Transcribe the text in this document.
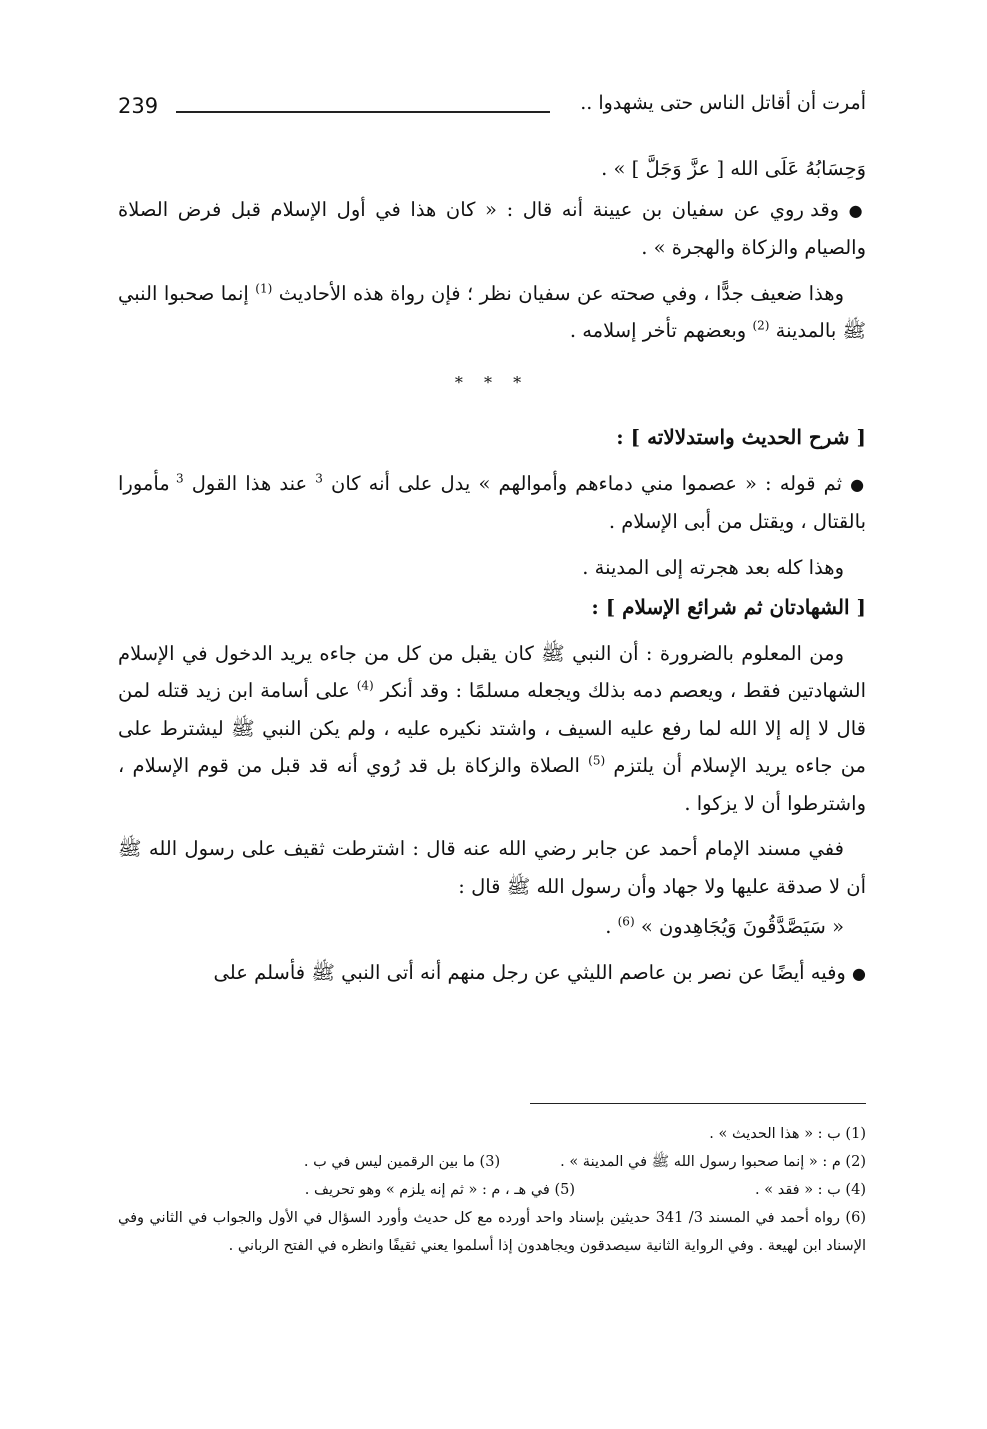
239	أمرت أن أقاتل الناس حتى يشهدوا ..

وَحِسَابُهُ عَلَى الله [ عزَّ وَجَلَّ ] » .

● وقد روي عن سفيان بن عيينة أنه قال : « كان هذا في أول الإسلام قبل فرض الصلاة والصيام والزكاة والهجرة » .

وهذا ضعيف جدًّا ، وفي صحته عن سفيان نظر ؛ فإن رواة هذه الأحاديث $^{(1)}$ إنما صحبوا النبي ﷺ بالمدينة $^{(2)}$ وبعضهم تأخر إسلامه .

* * *

[ شرح الحديث واستدلالاته ] :

● ثم قوله : « عصموا مني دماءهم وأموالهم » يدل على أنه كان $^3$ عند هذا القول $^3$ مأمورا بالقتال ، ويقتل من أبى الإسلام .

وهذا كله بعد هجرته إلى المدينة .

[ الشهادتان ثم شرائع الإسلام ] :

ومن المعلوم بالضرورة : أن النبي ﷺ كان يقبل من كل من جاءه يريد الدخول في الإسلام الشهادتين فقط ، ويعصم دمه بذلك ويجعله مسلمًا : وقد أنكر $^{(4)}$ على أسامة ابن زيد قتله لمن قال لا إله إلا الله لما رفع عليه السيف ، واشتد نكيره عليه ، ولم يكن النبي ﷺ ليشترط على من جاءه يريد الإسلام أن يلتزم $^{(5)}$ الصلاة والزكاة بل قد رُوي أنه قد قبل من قوم الإسلام ، واشترطوا أن لا يزكوا .

ففي مسند الإمام أحمد عن جابر رضي الله عنه قال : اشترطت ثقيف على رسول الله ﷺ أن لا صدقة عليها ولا جهاد وأن رسول الله ﷺ قال :

« سَيَصَّدَّقُونَ وَيُجَاهِدون » $^{(6)}$ .

● وفيه أيضًا عن نصر بن عاصم الليثي عن رجل منهم أنه أتى النبي ﷺ فأسلم على

(1) ب : « هذا الحديث » .
(2) م : « إنما صحبوا رسول الله ﷺ في المدينة » .
(3) ما بين الرقمين ليس في ب .
(4) ب : « فقد » .
(5) في هـ ، م : « ثم إنه يلزم » وهو تحريف .
(6) رواه أحمد في المسند 3/ 341 حديثين بإسناد واحد أورده مع كل حديث وأورد السؤال في الأول والجواب في الثاني وفي الإسناد ابن لهيعة . وفي الرواية الثانية سيصدقون ويجاهدون إذا أسلموا يعني ثقيفًا وانظره في الفتح الرباني .
